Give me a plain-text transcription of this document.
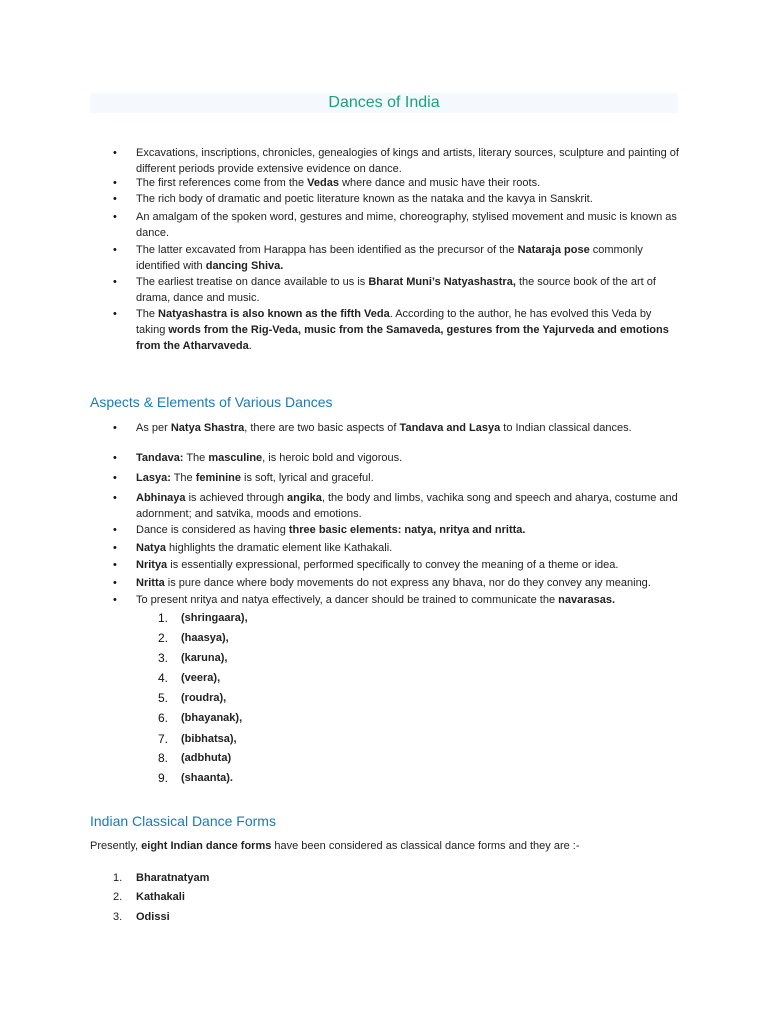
Dances of India
• Excavations, inscriptions, chronicles, genealogies of kings and artists, literary sources, sculpture and painting of different periods provide extensive evidence on dance.
• The first references come from the Vedas where dance and music have their roots.
• The rich body of dramatic and poetic literature known as the nataka and the kavya in Sanskrit.
• An amalgam of the spoken word, gestures and mime, choreography, stylised movement and music is known as dance.
• The latter excavated from Harappa has been identified as the precursor of the Nataraja pose commonly identified with dancing Shiva.
• The earliest treatise on dance available to us is Bharat Muni’s Natyashastra, the source book of the art of drama, dance and music.
• The Natyashastra is also known as the fifth Veda. According to the author, he has evolved this Veda by taking words from the Rig-Veda, music from the Samaveda, gestures from the Yajurveda and emotions from the Atharvaveda.
Aspects & Elements of Various Dances
• As per Natya Shastra, there are two basic aspects of Tandava and Lasya to Indian classical dances.
• Tandava: The masculine, is heroic bold and vigorous.
• Lasya: The feminine is soft, lyrical and graceful.
• Abhinaya is achieved through angika, the body and limbs, vachika song and speech and aharya, costume and adornment; and satvika, moods and emotions.
• Dance is considered as having three basic elements: natya, nritya and nritta.
• Natya highlights the dramatic element like Kathakali.
• Nritya is essentially expressional, performed specifically to convey the meaning of a theme or idea.
• Nritta is pure dance where body movements do not express any bhava, nor do they convey any meaning.
• To present nritya and natya effectively, a dancer should be trained to communicate the navarasas.
1. (shringaara),
2. (haasya),
3. (karuna),
4. (veera),
5. (roudra),
6. (bhayanak),
7. (bibhatsa),
8. (adbhuta)
9. (shaanta).
Indian Classical Dance Forms
Presently, eight Indian dance forms have been considered as classical dance forms and they are :-
1. Bharatnatyam
2. Kathakali
3. Odissi
